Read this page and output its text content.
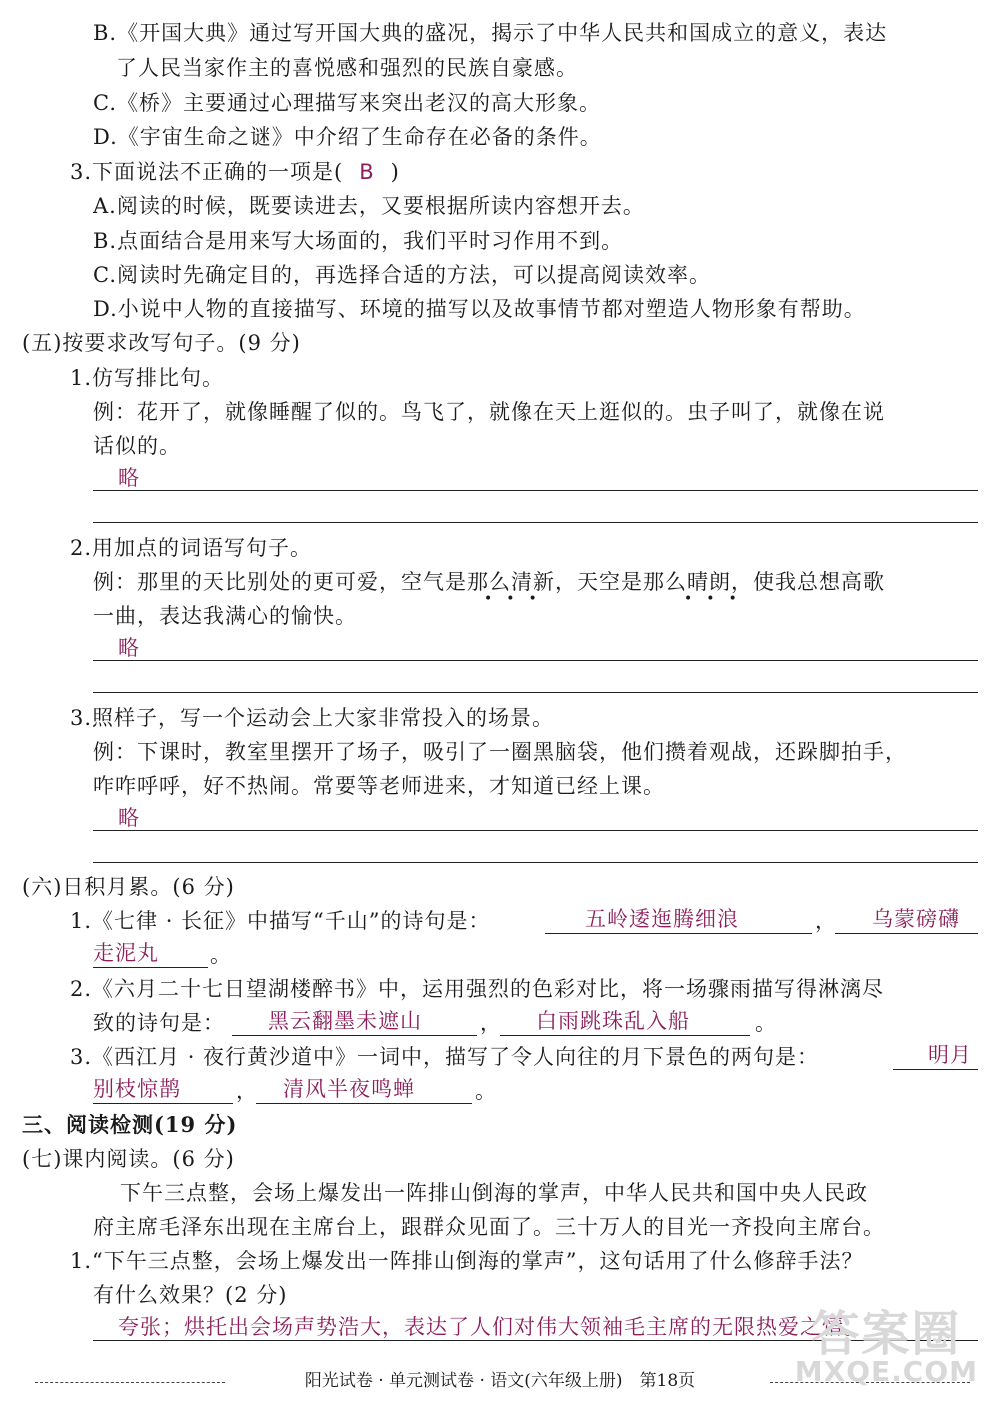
B.《开国大典》通过写开国大典的盛况，揭示了中华人民共和国成立的意义，表达
了人民当家作主的喜悦感和强烈的民族自豪感。
C.《桥》主要通过心理描写来突出老汉的高大形象。
D.《宇宙生命之谜》中介绍了生命存在必备的条件。
3.下面说法不正确的一项是( B )
A.阅读的时候，既要读进去，又要根据所读内容想开去。
B.点面结合是用来写大场面的，我们平时习作用不到。
C.阅读时先确定目的，再选择合适的方法，可以提高阅读效率。
D.小说中人物的直接描写、环境的描写以及故事情节都对塑造人物形象有帮助。
(五)按要求改写句子。(9 分)
1.仿写排比句。
例：花开了，就像睡醒了似的。鸟飞了，就像在天上逛似的。虫子叫了，就像在说
话似的。
略
2.用加点的词语写句子。
例：那里的天比别处的更可爱，空气是那么清新，天空是那么晴朗，使我总想高歌
•••	•••
一曲，表达我满心的愉快。
略
3.照样子，写一个运动会上大家非常投入的场景。
例：下课时，教室里摆开了场子，吸引了一圈黑脑袋，他们攒着观战，还跺脚拍手，
咋咋呼呼，好不热闹。常要等老师进来，才知道已经上课。
略
(六)日积月累。(6 分)
1.《七律 · 长征》中描写“千山”的诗句是：	五岭逶迤腾细浪	， 乌蒙磅礴
走泥丸 。
2.《六月二十七日望湖楼醉书》中，运用强烈的色彩对比，将一场骤雨描写得淋漓尽
致的诗句是： 黑云翻墨未遮山	， 白雨跳珠乱入船	。
3.《西江月 · 夜行黄沙道中》一词中，描写了令人向往的月下景色的两句是：	明月
别枝惊鹊	， 清风半夜鸣蝉	。
三、阅读检测(19 分)
(七)课内阅读。(6 分)
下午三点整，会场上爆发出一阵排山倒海的掌声，中华人民共和国中央人民政
府主席毛泽东出现在主席台上，跟群众见面了。三十万人的目光一齐投向主席台。
1.“下午三点整，会场上爆发出一阵排山倒海的掌声”，这句话用了什么修辞手法？
有什么效果？(2 分)
夸张；烘托出会场声势浩大，表达了人们对伟大领袖毛主席的无限热爱之情。
阳光试卷 · 单元测试卷 · 语文(六年级上册)　第18页
答案圈
MXQE.COM
